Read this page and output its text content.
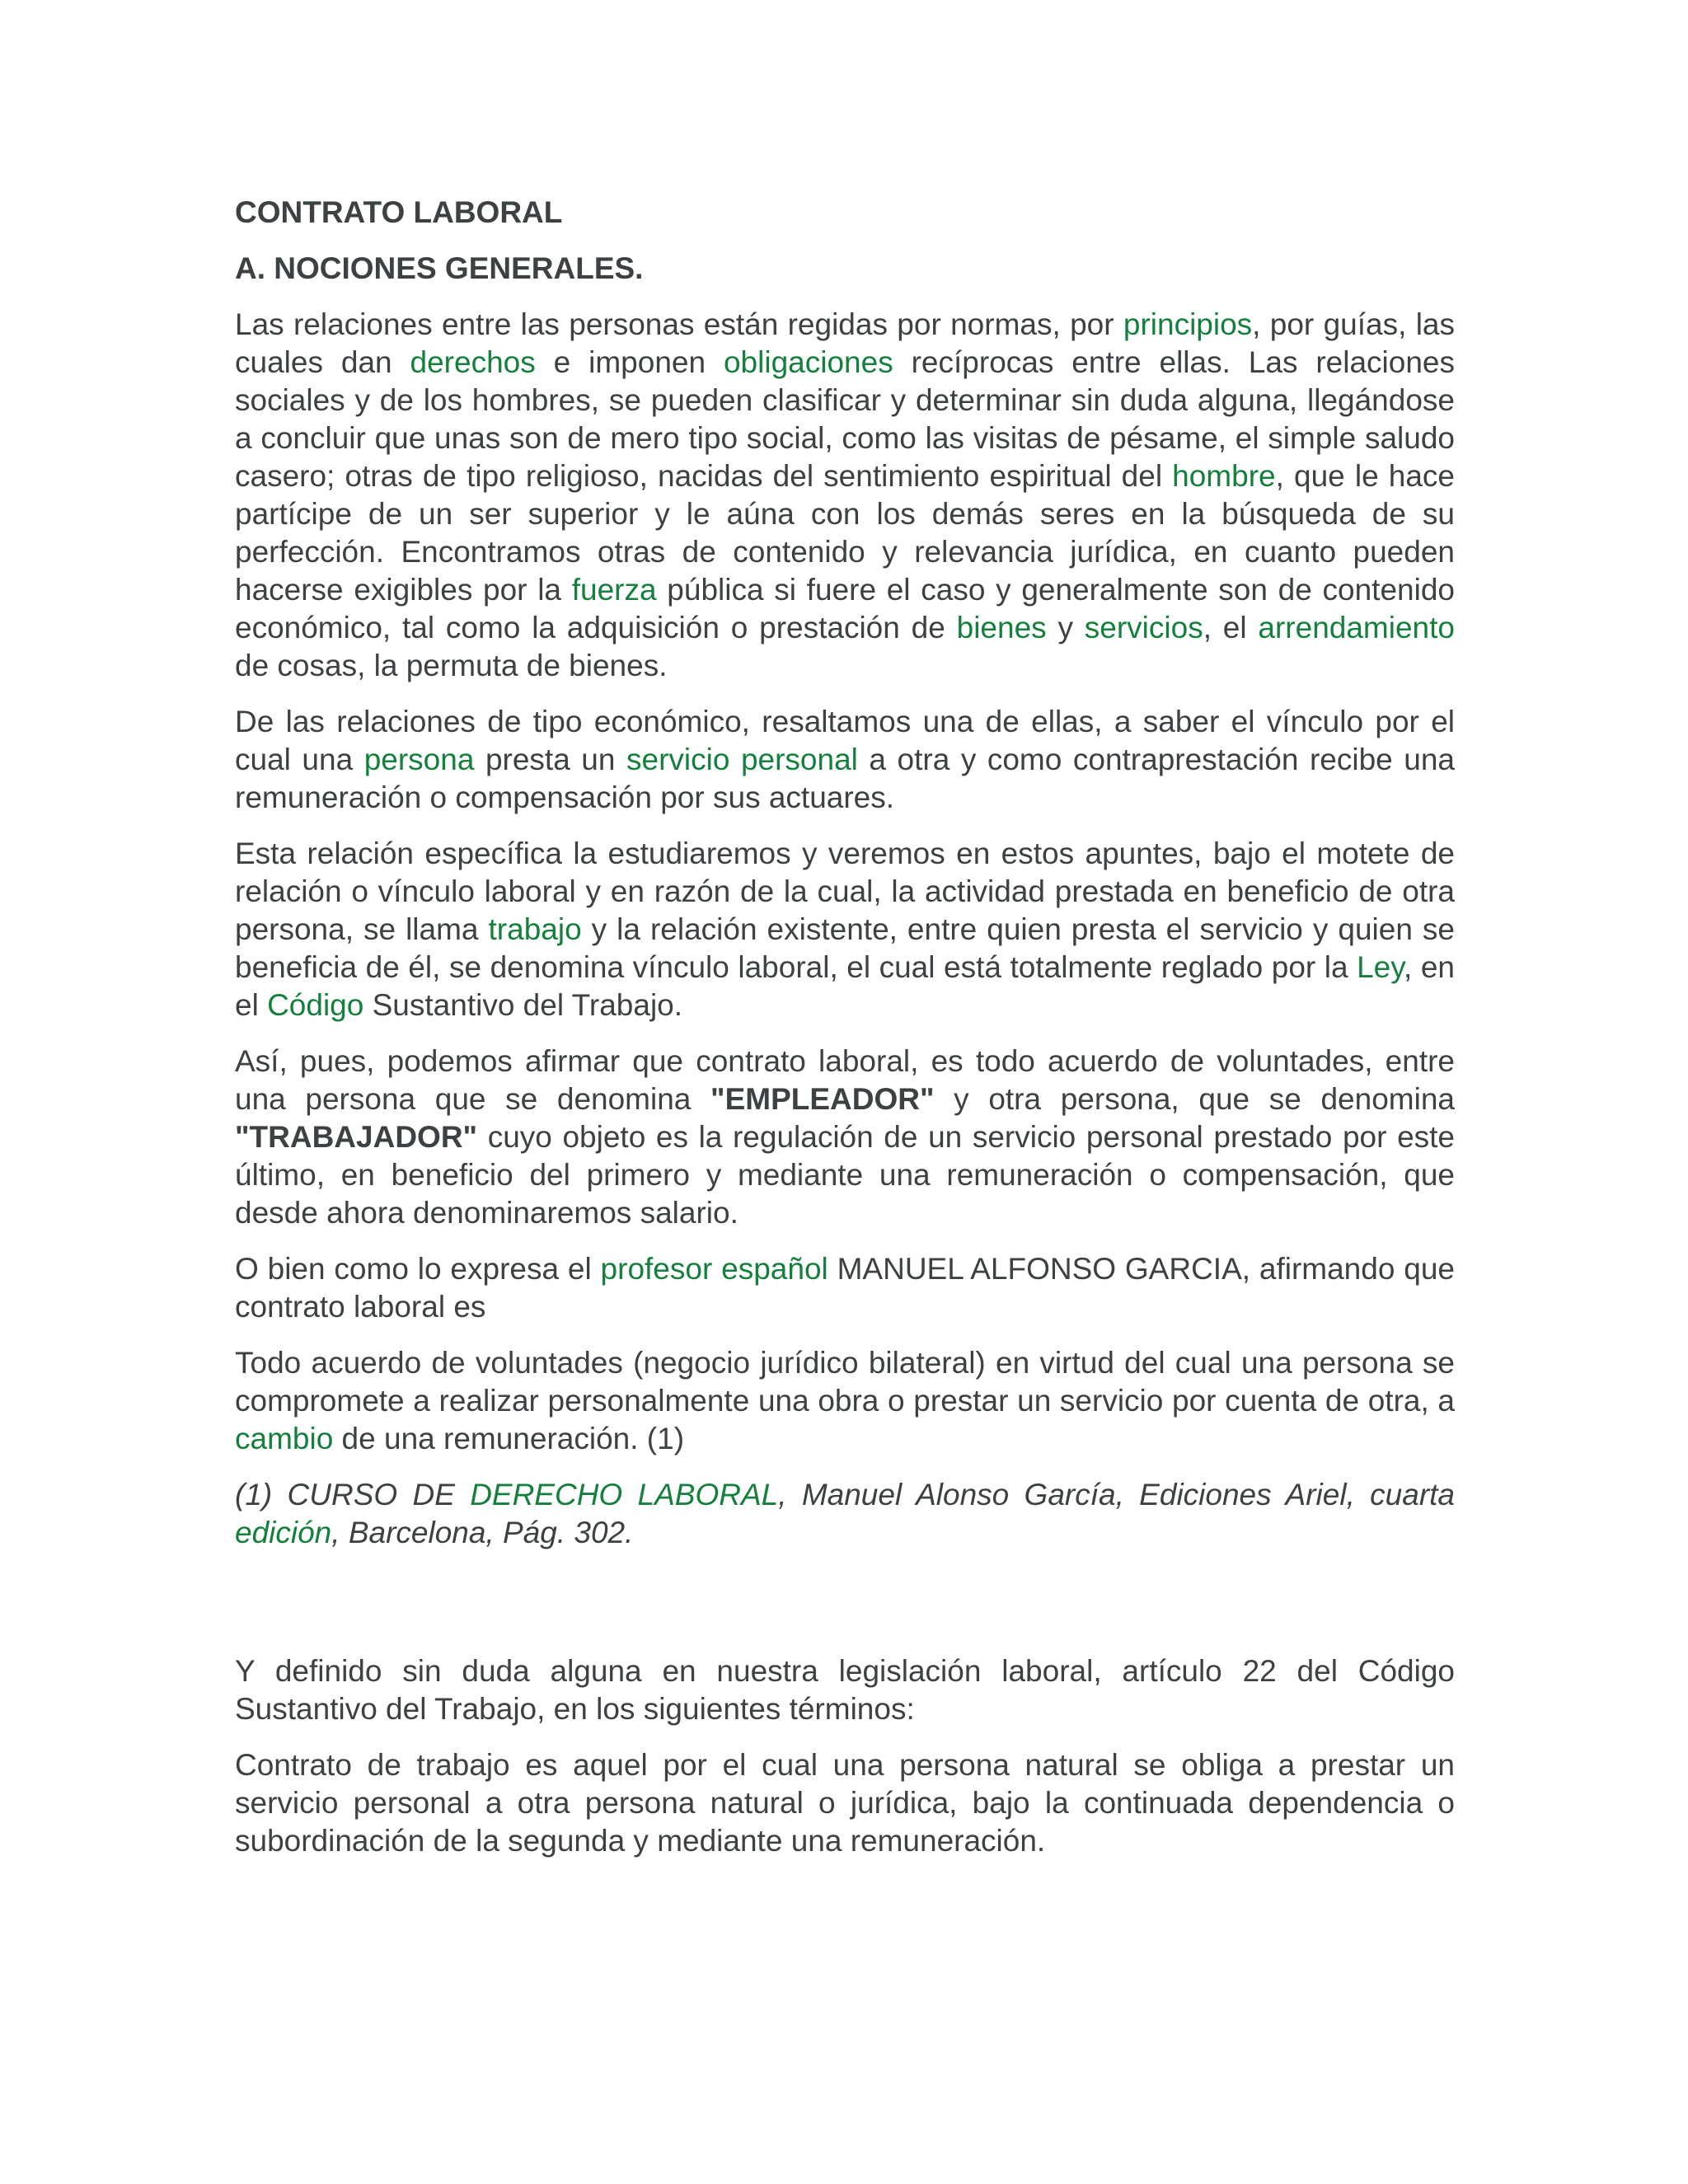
CONTRATO LABORAL
A. NOCIONES GENERALES.

Las relaciones entre las personas están regidas por normas, por principios, por guías, las cuales dan derechos e imponen obligaciones recíprocas entre ellas. Las relaciones sociales y de los hombres, se pueden clasificar y determinar sin duda alguna, llegándose a concluir que unas son de mero tipo social, como las visitas de pésame, el simple saludo casero; otras de tipo religioso, nacidas del sentimiento espiritual del hombre, que le hace partícipe de un ser superior y le aúna con los demás seres en la búsqueda de su perfección. Encontramos otras de contenido y relevancia jurídica, en cuanto pueden hacerse exigibles por la fuerza pública si fuere el caso y generalmente son de contenido económico, tal como la adquisición o prestación de bienes y servicios, el arrendamiento de cosas, la permuta de bienes.

De las relaciones de tipo económico, resaltamos una de ellas, a saber el vínculo por el cual una persona presta un servicio personal a otra y como contraprestación recibe una remuneración o compensación por sus actuares.

Esta relación específica la estudiaremos y veremos en estos apuntes, bajo el motete de relación o vínculo laboral y en razón de la cual, la actividad prestada en beneficio de otra persona, se llama trabajo y la relación existente, entre quien presta el servicio y quien se beneficia de él, se denomina vínculo laboral, el cual está totalmente reglado por la Ley, en el Código Sustantivo del Trabajo.

Así, pues, podemos afirmar que contrato laboral, es todo acuerdo de voluntades, entre una persona que se denomina "EMPLEADOR" y otra persona, que se denomina "TRABAJADOR" cuyo objeto es la regulación de un servicio personal prestado por este último, en beneficio del primero y mediante una remuneración o compensación, que desde ahora denominaremos salario.

O bien como lo expresa el profesor español MANUEL ALFONSO GARCIA, afirmando que contrato laboral es

Todo acuerdo de voluntades (negocio jurídico bilateral) en virtud del cual una persona se compromete a realizar personalmente una obra o prestar un servicio por cuenta de otra, a cambio de una remuneración. (1)

(1) CURSO DE DERECHO LABORAL, Manuel Alonso García, Ediciones Ariel, cuarta edición, Barcelona, Pág. 302.

Y definido sin duda alguna en nuestra legislación laboral, artículo 22 del Código Sustantivo del Trabajo, en los siguientes términos:

Contrato de trabajo es aquel por el cual una persona natural se obliga a prestar un servicio personal a otra persona natural o jurídica, bajo la continuada dependencia o subordinación de la segunda y mediante una remuneración.
